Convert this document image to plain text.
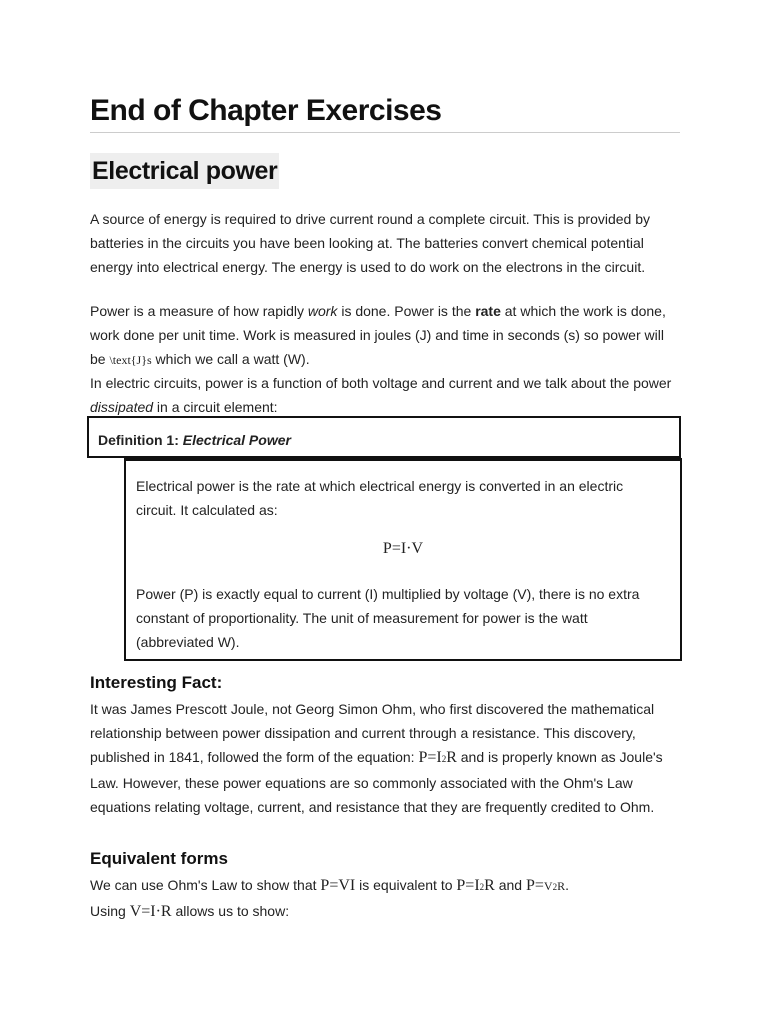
End of Chapter Exercises
Electrical power

A source of energy is required to drive current round a complete circuit. This is provided by batteries in the circuits you have been looking at. The batteries convert chemical potential energy into electrical energy. The energy is used to do work on the electrons in the circuit.

Power is a measure of how rapidly work is done. Power is the rate at which the work is done, work done per unit time. Work is measured in joules (J) and time in seconds (s) so power will be \text{J}s which we call a watt (W).

In electric circuits, power is a function of both voltage and current and we talk about the power dissipated in a circuit element:

Definition 1: Electrical Power

Electrical power is the rate at which electrical energy is converted in an electric circuit. It calculated as:

P=I·V

Power (P) is exactly equal to current (I) multiplied by voltage (V), there is no extra constant of proportionality. The unit of measurement for power is the watt (abbreviated W).

Interesting Fact:

It was James Prescott Joule, not Georg Simon Ohm, who first discovered the mathematical relationship between power dissipation and current through a resistance. This discovery, published in 1841, followed the form of the equation: P=I2R and is properly known as Joule's Law. However, these power equations are so commonly associated with the Ohm's Law equations relating voltage, current, and resistance that they are frequently credited to Ohm.

Equivalent forms

We can use Ohm's Law to show that P=VI is equivalent to P=I2R and P=V2R.
Using V=I·R allows us to show:
